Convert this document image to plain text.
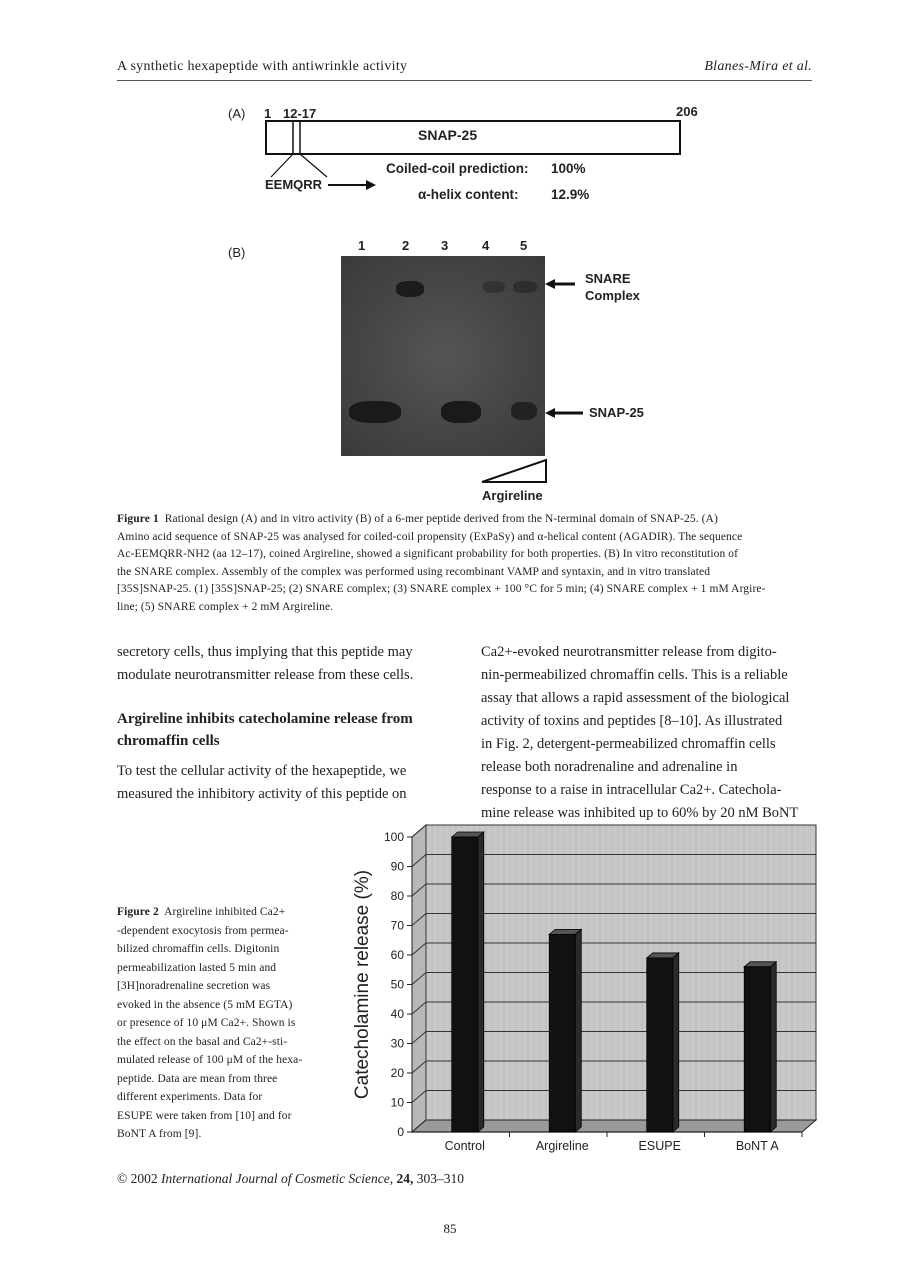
A synthetic hexapeptide with antiwrinkle activity	Blanes-Mira et al.
(A) 1 12-17	206
SNAP-25
EEMQRR
Coiled-coil prediction: 100%
α-helix content: 12.9%
(B)	1	2 3	4 5
SNARE
Complex
SNAP-25
Argireline
Figure 1 Rational design (A) and in vitro activity (B) of a 6-mer peptide derived from the N-terminal domain of SNAP-25. (A)
Amino acid sequence of SNAP-25 was analysed for coiled-coil propensity (ExPaSy) and α-helical content (AGADIR). The sequence
Ac-EEMQRR-NH2 (aa 12–17), coined Argireline, showed a significant probability for both properties. (B) In vitro reconstitution of
the SNARE complex. Assembly of the complex was performed using recombinant VAMP and syntaxin, and in vitro translated
[35S]SNAP-25. (1) [35S]SNAP-25; (2) SNARE complex; (3) SNARE complex + 100 °C for 5 min; (4) SNARE complex + 1 mM Argire-
line; (5) SNARE complex + 2 mM Argireline.
secretory cells, thus implying that this peptide may
modulate neurotransmitter release from these cells.
Argireline inhibits catecholamine release from
chromaffin cells
To test the cellular activity of the hexapeptide, we
measured the inhibitory activity of this peptide on
Ca2+-evoked neurotransmitter release from digito-
nin-permeabilized chromaffin cells. This is a reliable
assay that allows a rapid assessment of the biological
activity of toxins and peptides [8–10]. As illustrated
in Fig. 2, detergent-permeabilized chromaffin cells
release both noradrenaline and adrenaline in
response to a raise in intracellular Ca2+. Catechola-
mine release was inhibited up to 60% by 20 nM BoNT
Figure 2 Argireline inhibited Ca2+
-dependent exocytosis from permea-
bilized chromaffin cells. Digitonin
permeabilization lasted 5 min and
[3H]noradrenaline secretion was
evoked in the absence (5 mM EGTA)
or presence of 10 μM Ca2+. Shown is
the effect on the basal and Ca2+-sti-
mulated release of 100 μM of the hexa-
peptide. Data are mean from three
different experiments. Data for
ESUPE were taken from [10] and for
BoNT A from [9].	0
10
20
30
40
50
60
70
80
90
100
Catecholamine release (%)
Control	Argireline	ESUPE	BoNT A
© 2002 International Journal of Cosmetic Science, 24, 303–310
85
